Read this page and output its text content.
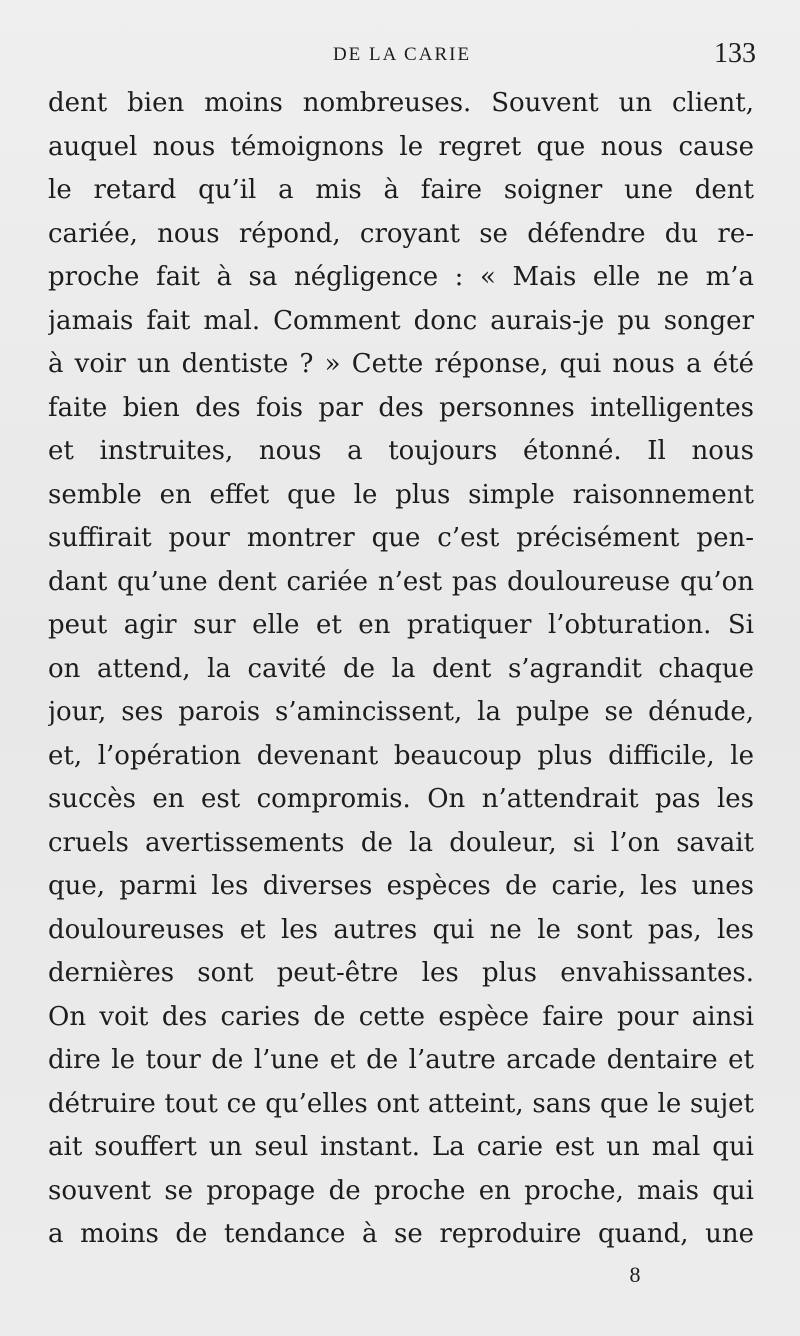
DE LA CARIE	133
dent bien moins nombreuses. Souvent un client,
auquel nous témoignons le regret que nous cause
le retard qu’il a mis à faire soigner une dent
cariée, nous répond, croyant se défendre du re-
proche fait à sa négligence : « Mais elle ne m’a
jamais fait mal. Comment donc aurais-je pu songer
à voir un dentiste ? » Cette réponse, qui nous a été
faite bien des fois par des personnes intelligentes
et instruites, nous a toujours étonné. Il nous
semble en effet que le plus simple raisonnement
suffirait pour montrer que c’est précisément pen-
dant qu’une dent cariée n’est pas douloureuse qu’on
peut agir sur elle et en pratiquer l’obturation. Si
on attend, la cavité de la dent s’agrandit chaque
jour, ses parois s’amincissent, la pulpe se dénude,
et, l’opération devenant beaucoup plus difficile, le
succès en est compromis. On n’attendrait pas les
cruels avertissements de la douleur, si l’on savait
que, parmi les diverses espèces de carie, les unes
douloureuses et les autres qui ne le sont pas, les
dernières sont peut-être les plus envahissantes.
On voit des caries de cette espèce faire pour ainsi
dire le tour de l’une et de l’autre arcade dentaire et
détruire tout ce qu’elles ont atteint, sans que le sujet
ait souffert un seul instant. La carie est un mal qui
souvent se propage de proche en proche, mais qui
a moins de tendance à se reproduire quand, une
8
